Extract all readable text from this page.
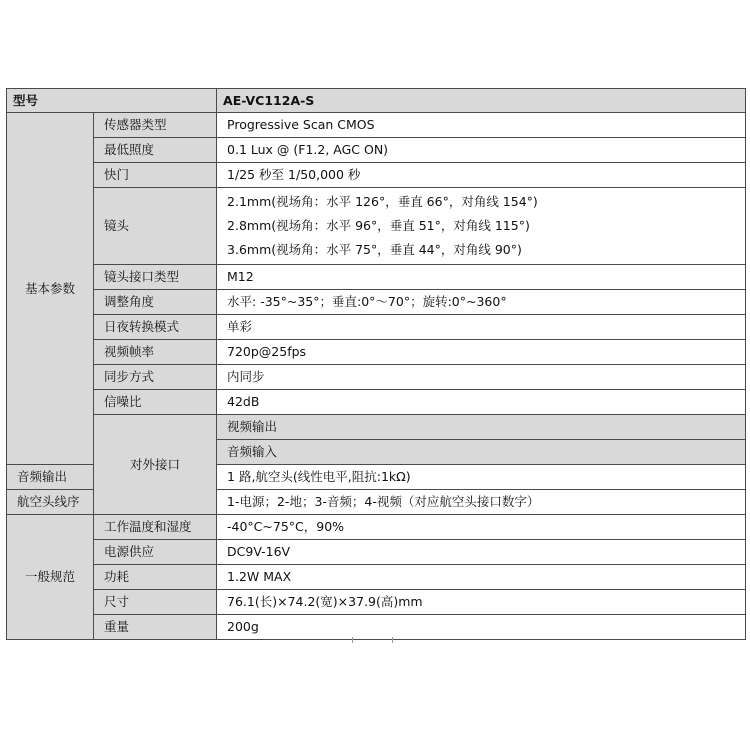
型号		AE-VC112A-S	
基本参数	传感器类型	Progressive Scan CMOS	
	最低照度	0.1 Lux @ (F1.2, AGC ON)	
	快门	1/25 秒至 1/50,000 秒	
	镜头	2.1mm(视场角：水平 126°，垂直 66°，对角线 154°)
2.8mm(视场角：水平 96°，垂直 51°，对角线 115°)
3.6mm(视场角：水平 75°，垂直 44°，对角线 90°)	

	镜头接口类型	M12	
	调整角度	水平: -35°~35°；垂直:0°～70°；旋转:0°~360°	
	日夜转换模式	单彩	
	视频帧率	720p@25fps	
	同步方式	内同步	
	信噪比	42dB	
	对外接口	视频输出	
		音频输入	
音频输出		1 路,航空头(线性电平,阻抗:1kΩ)	
航空头线序		1-电源；2-地；3-音频；4-视频（对应航空头接口数字）	
一般规范	工作温度和湿度	-40°C~75°C，90%	
	电源供应	DC9V-16V	
	功耗	1.2W MAX	
	尺寸	76.1(长)×74.2(宽)×37.9(高)mm	
	重量	200g	
